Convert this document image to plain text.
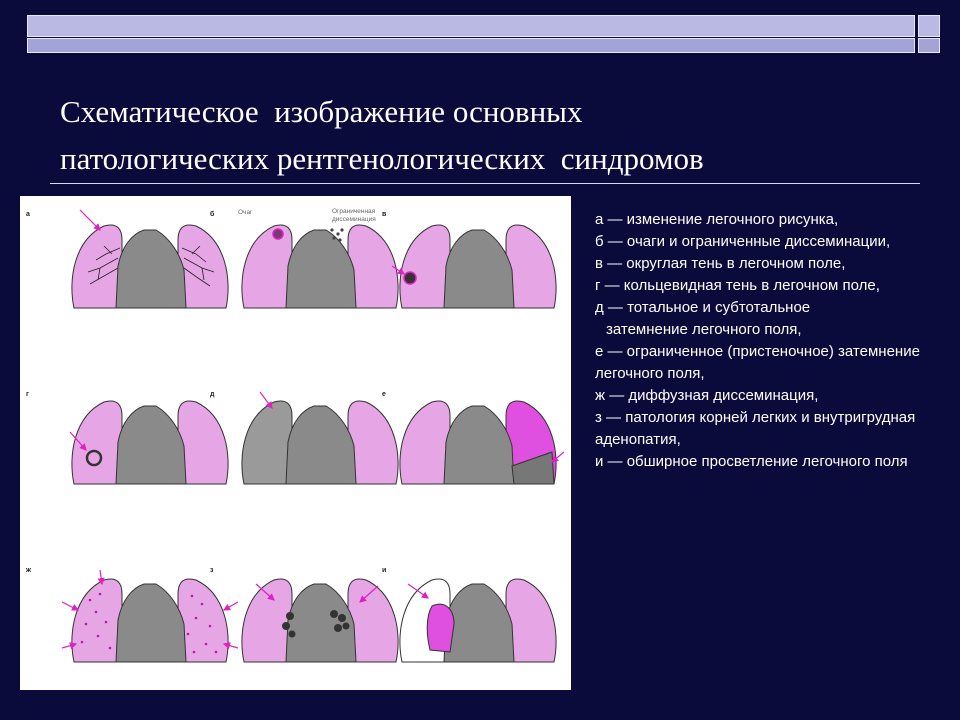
Схематическое  изображение основных
патологических рентгенологических  синдромов
а	б	Очаг	Ограниченная
диссеминация
в
г	д	е
ж	з	и
а — изменение легочного рисунка,
б — очаги и ограниченные диссеминации,
в — округлая тень в легочном поле,
г — кольцевидная тень в легочном поле,
д — тотальное и субтотальное
затемнение легочного поля,
е — ограниченное (пристеночное) затемнение легочного поля,
ж — диффузная диссеминация,
з — патология корней легких и внутригрудная аденопатия,
и — обширное просветление легочного поля
